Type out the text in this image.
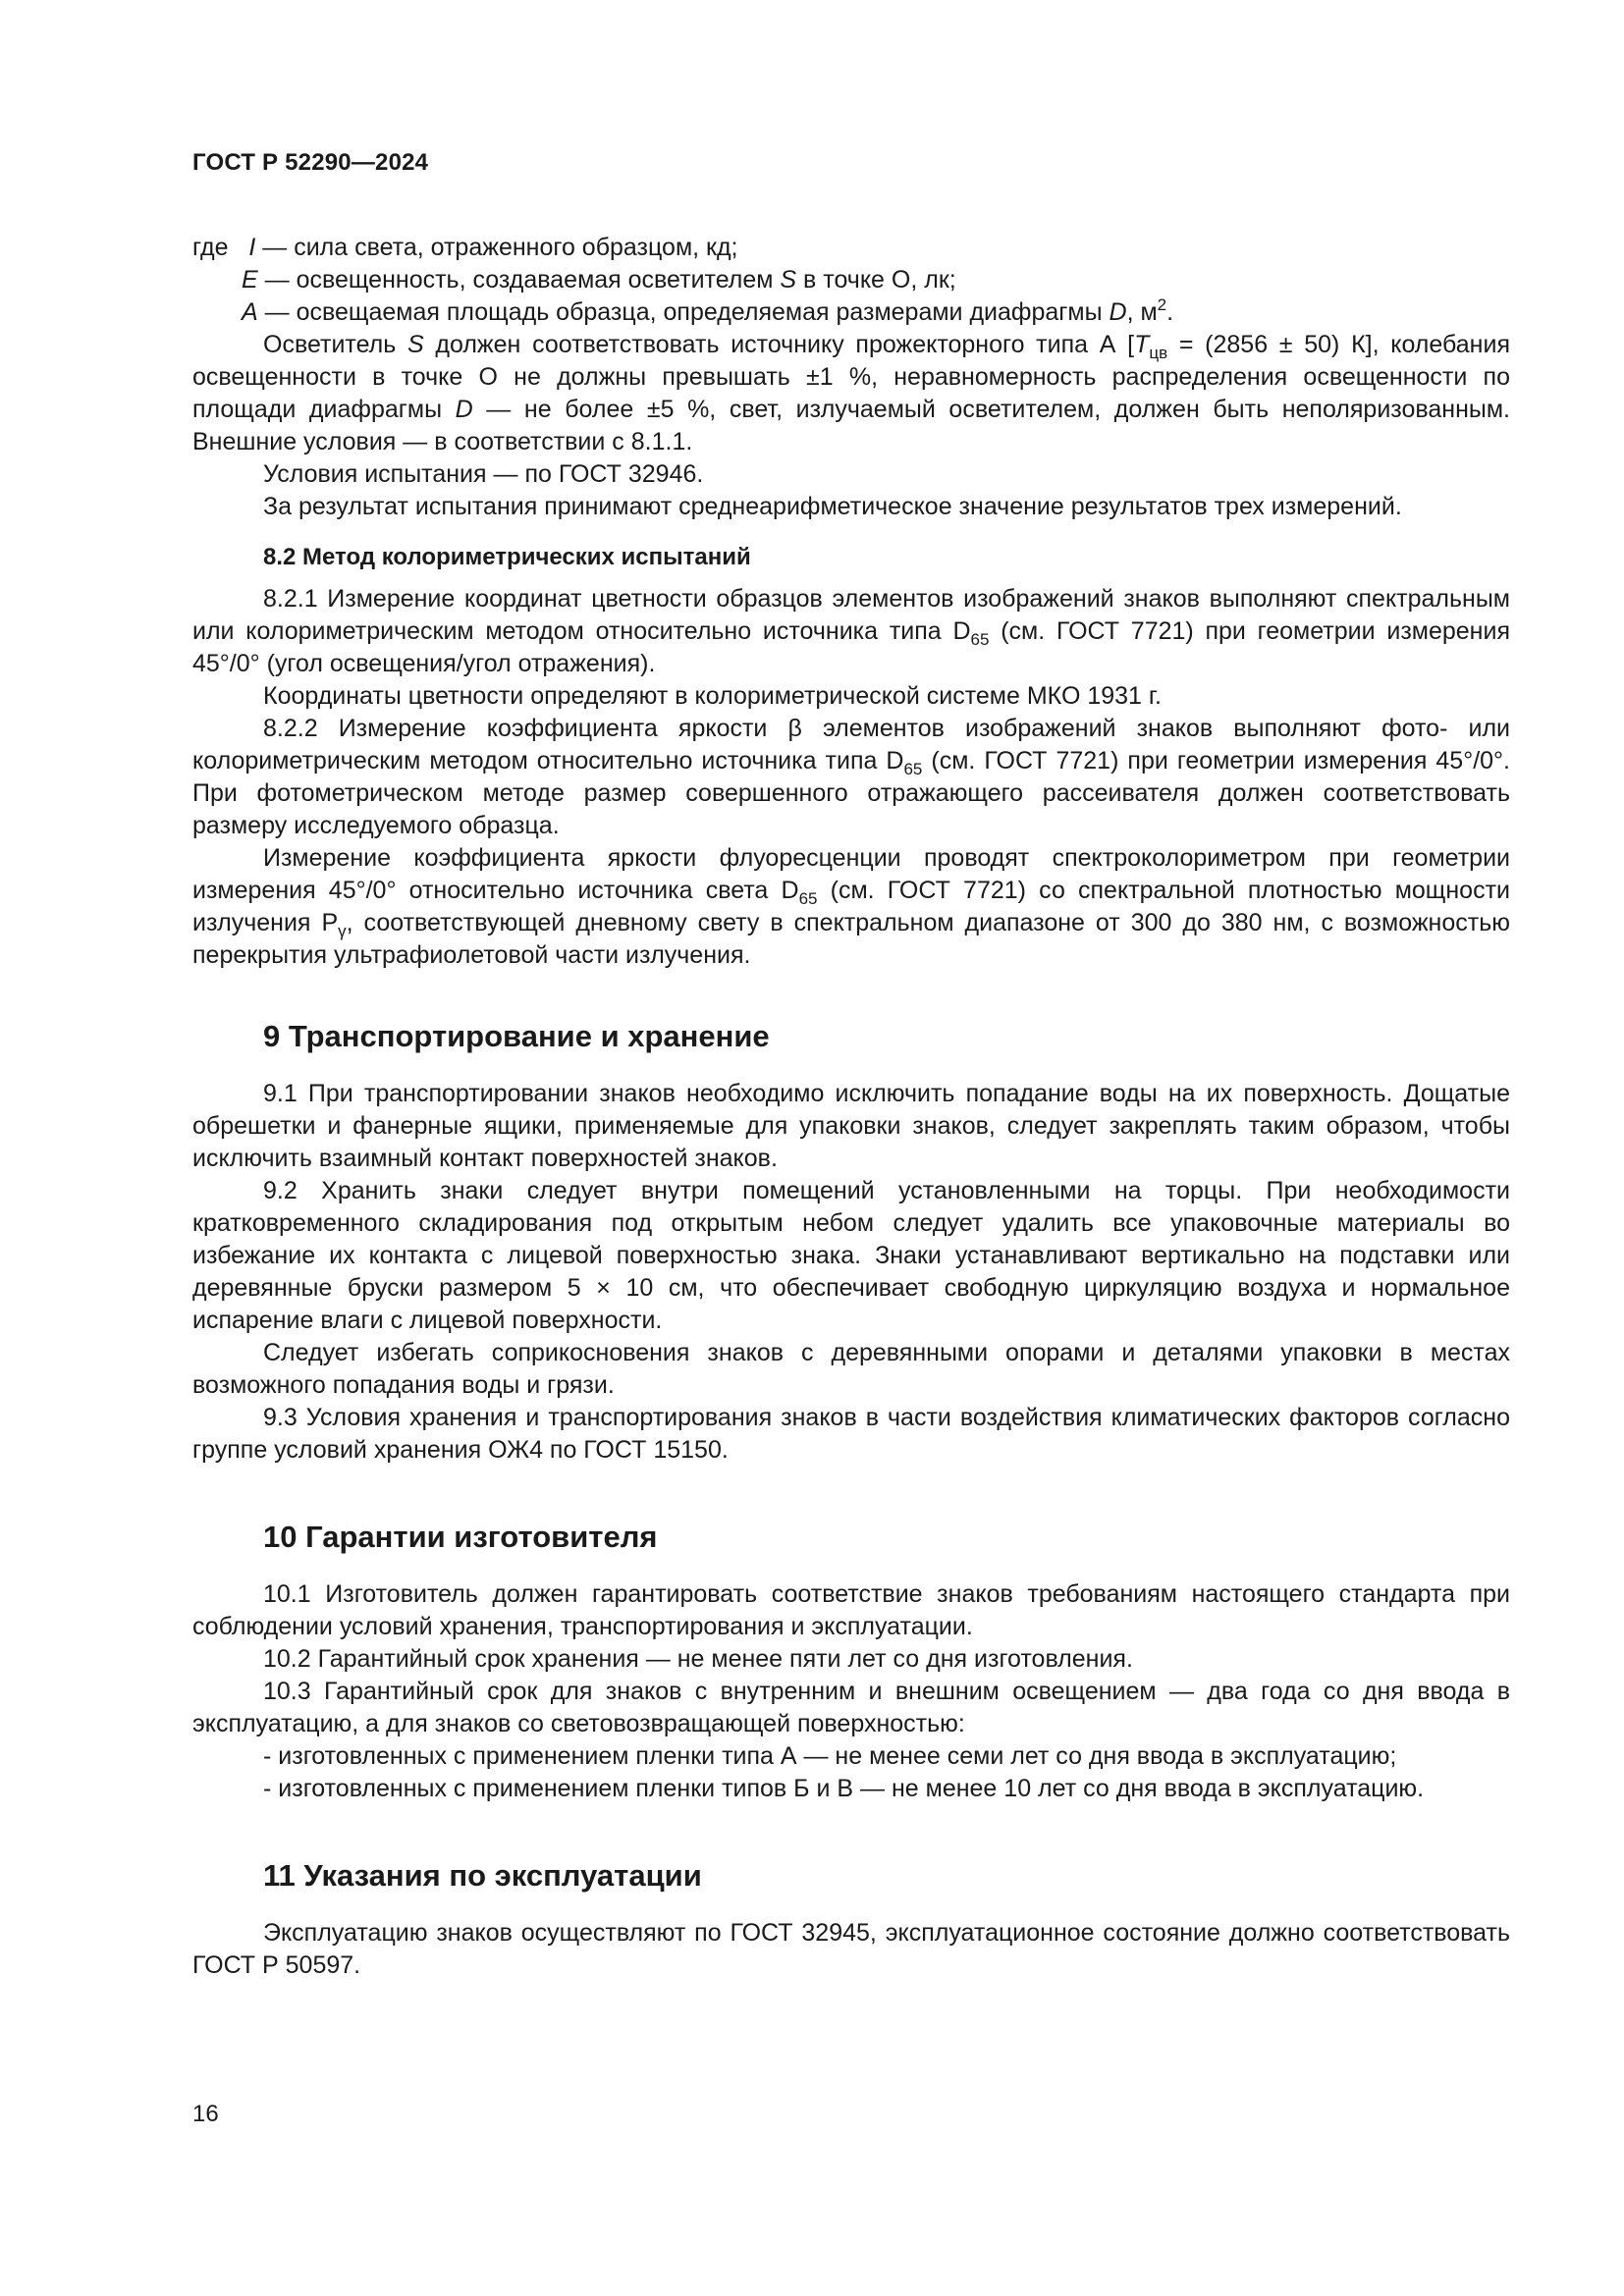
ГОСТ Р 52290—2024

где I — сила света, отраженного образцом, кд;

E — освещенность, создаваемая осветителем S в точке О, лк;

A — освещаемая площадь образца, определяемая размерами диафрагмы D, $м^2$.

Осветитель S должен соответствовать источнику прожекторного типа А [$T_{цв} = (2856 \pm 50)$ К], колебания освещенности в точке О не должны превышать ±1 %, неравномерность распределения освещенности по площади диафрагмы D — не более ±5 %, свет, излучаемый осветителем, должен быть неполяризованным. Внешние условия — в соответствии с 8.1.1.

Условия испытания — по ГОСТ 32946.

За результат испытания принимают среднеарифметическое значение результатов трех измерений.

8.2 Метод колориметрических испытаний

8.2.1 Измерение координат цветности образцов элементов изображений знаков выполняют спектральным или колориметрическим методом относительно источника типа $D_{65}$ (см. ГОСТ 7721) при геометрии измерения 45°/0° (угол освещения/угол отражения).

Координаты цветности определяют в колориметрической системе МКО 1931 г.

8.2.2 Измерение коэффициента яркости β элементов изображений знаков выполняют фото- или колориметрическим методом относительно источника типа $D_{65}$ (см. ГОСТ 7721) при геометрии измерения 45°/0°. При фотометрическом методе размер совершенного отражающего рассеивателя должен соответствовать размеру исследуемого образца.

Измерение коэффициента яркости флуоресценции проводят спектроколориметром при геометрии измерения 45°/0° относительно источника света $D_{65}$ (см. ГОСТ 7721) со спектральной плотностью мощности излучения $P_\gamma$, соответствующей дневному свету в спектральном диапазоне от 300 до 380 нм, с возможностью перекрытия ультрафиолетовой части излучения.

9 Транспортирование и хранение

9.1 При транспортировании знаков необходимо исключить попадание воды на их поверхность. Дощатые обрешетки и фанерные ящики, применяемые для упаковки знаков, следует закреплять таким образом, чтобы исключить взаимный контакт поверхностей знаков.

9.2 Хранить знаки следует внутри помещений установленными на торцы. При необходимости кратковременного складирования под открытым небом следует удалить все упаковочные материалы во избежание их контакта с лицевой поверхностью знака. Знаки устанавливают вертикально на подставки или деревянные бруски размером 5 × 10 см, что обеспечивает свободную циркуляцию воздуха и нормальное испарение влаги с лицевой поверхности.

Следует избегать соприкосновения знаков с деревянными опорами и деталями упаковки в местах возможного попадания воды и грязи.

9.3 Условия хранения и транспортирования знаков в части воздействия климатических факторов согласно группе условий хранения ОЖ4 по ГОСТ 15150.

10 Гарантии изготовителя

10.1 Изготовитель должен гарантировать соответствие знаков требованиям настоящего стандарта при соблюдении условий хранения, транспортирования и эксплуатации.

10.2 Гарантийный срок хранения — не менее пяти лет со дня изготовления.

10.3 Гарантийный срок для знаков с внутренним и внешним освещением — два года со дня ввода в эксплуатацию, а для знаков со световозвращающей поверхностью:

- изготовленных с применением пленки типа А — не менее семи лет со дня ввода в эксплуатацию;

- изготовленных с применением пленки типов Б и В — не менее 10 лет со дня ввода в эксплуатацию.

11 Указания по эксплуатации

Эксплуатацию знаков осуществляют по ГОСТ 32945, эксплуатационное состояние должно соответствовать ГОСТ Р 50597.

16
